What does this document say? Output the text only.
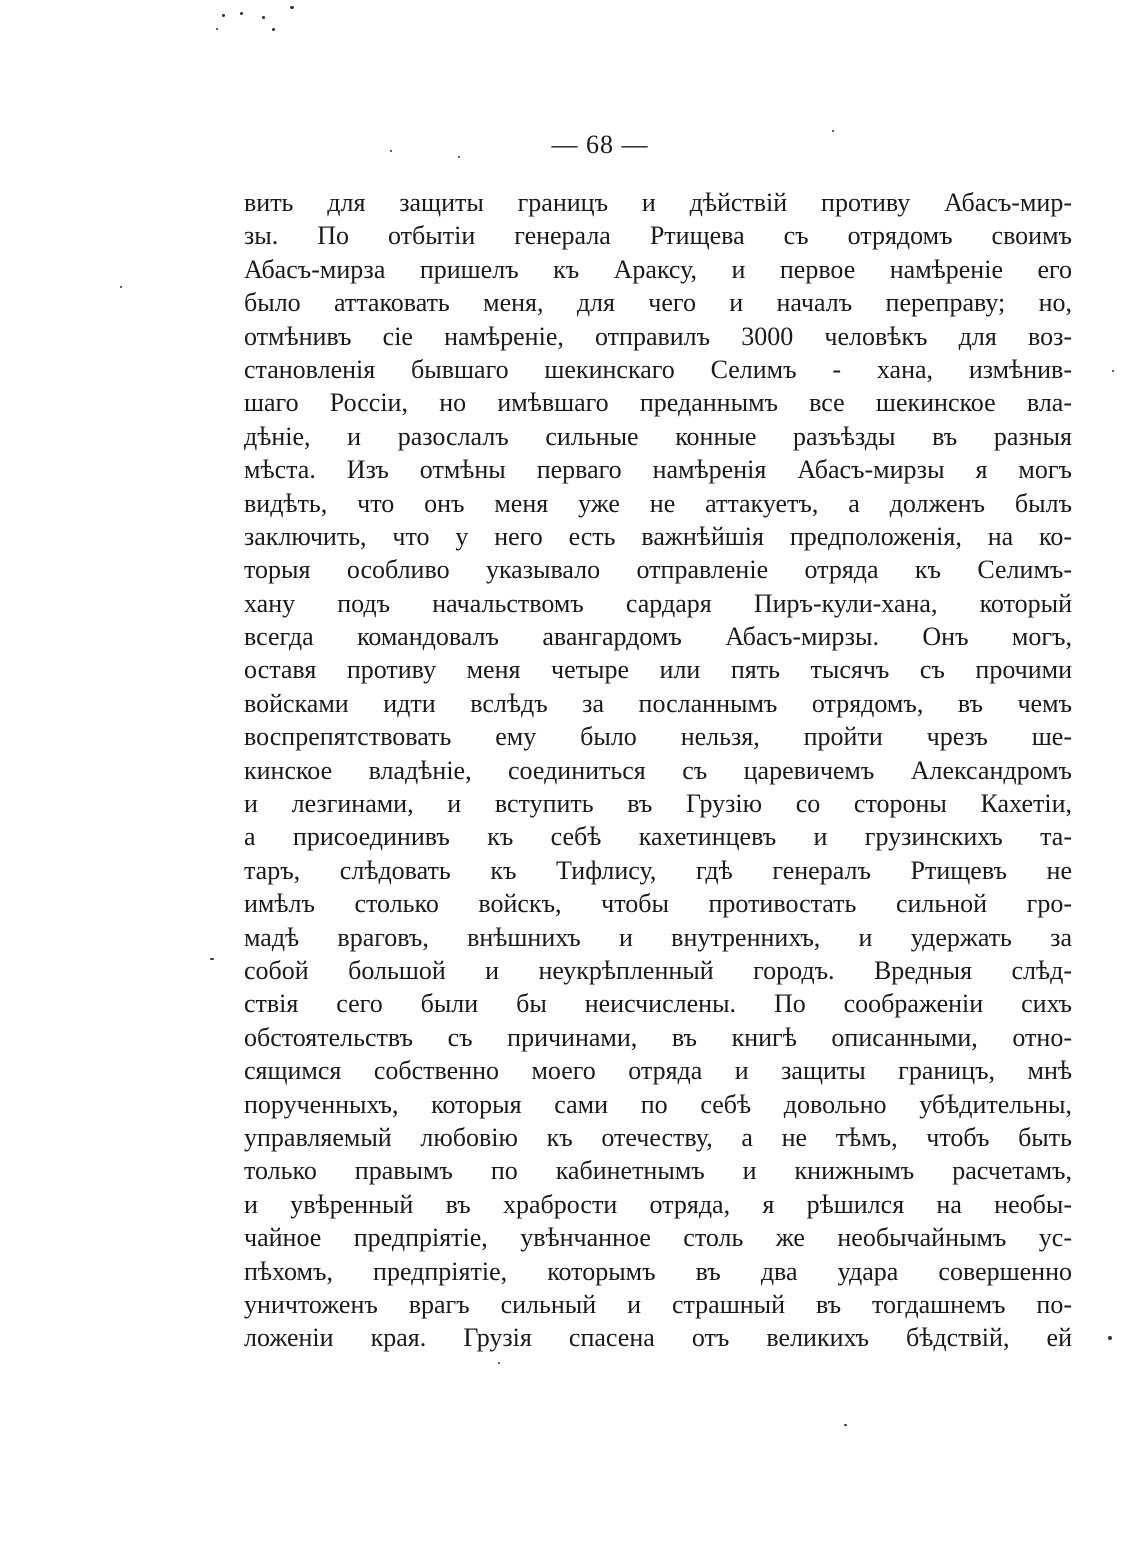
— 68 —
вить для защиты границъ и дѣйствій противу Абасъ-мир-
зы. По отбытіи генерала Ртищева съ отрядомъ своимъ
Абасъ-мирза пришелъ къ Араксу, и первое намѣреніе его
было аттаковать меня, для чего и началъ переправу; но,
отмѣнивъ сіе намѣреніе, отправилъ 3000 человѣкъ для воз-
становленія бывшаго шекинскаго Селимъ - хана, измѣнив-
шаго Россіи, но имѣвшаго преданнымъ все шекинское вла-
дѣніе, и разослалъ сильные конные разъѣзды въ разныя
мѣста. Изъ отмѣны перваго намѣренія Абасъ-мирзы я могъ
видѣть, что онъ меня уже не аттакуетъ, а долженъ былъ
заключить, что у него есть важнѣйшія предположенія, на ко-
торыя особливо указывало отправленіе отряда къ Селимъ-
хану подъ начальствомъ сардаря Пиръ-кули-хана, который
всегда командовалъ авангардомъ Абасъ-мирзы. Онъ могъ,
оставя противу меня четыре или пять тысячъ съ прочими
войсками идти вслѣдъ за посланнымъ отрядомъ, въ чемъ
воспрепятствовать ему было нельзя, пройти чрезъ ше-
кинское владѣніе, соединиться съ царевичемъ Александромъ
и лезгинами, и вступить въ Грузію со стороны Кахетіи,
а присоединивъ къ себѣ кахетинцевъ и грузинскихъ та-
таръ, слѣдовать къ Тифлису, гдѣ генералъ Ртищевъ не
имѣлъ столько войскъ, чтобы противостать сильной гро-
мадѣ враговъ, внѣшнихъ и внутреннихъ, и удержать за
собой большой и неукрѣпленный городъ. Вредныя слѣд-
ствія сего были бы неисчислены. По соображеніи сихъ
обстоятельствъ съ причинами, въ книгѣ описанными, отно-
сящимся собственно моего отряда и защиты границъ, мнѣ
порученныхъ, которыя сами по себѣ довольно убѣдительны,
управляемый любовію къ отечеству, а не тѣмъ, чтобъ быть
только правымъ по кабинетнымъ и книжнымъ расчетамъ,
и увѣренный въ храбрости отряда, я рѣшился на необы-
чайное предпріятіе, увѣнчанное столь же необычайнымъ ус-
пѣхомъ, предпріятіе, которымъ въ два удара совершенно
уничтоженъ врагъ сильный и страшный въ тогдашнемъ по-
ложеніи края. Грузія спасена отъ великихъ бѣдствій, ей
